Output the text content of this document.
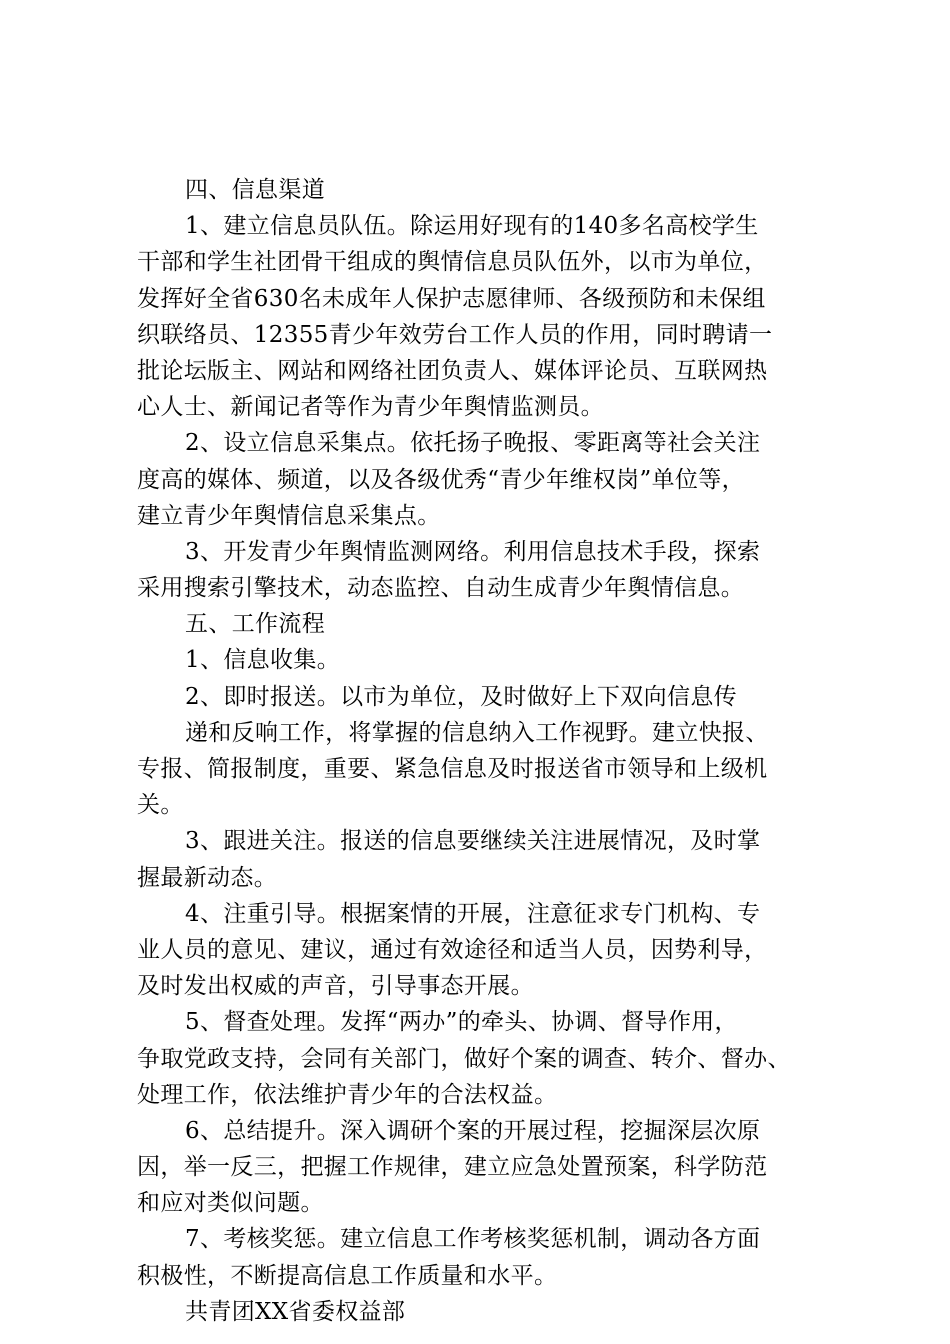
四、信息渠道
1、建立信息员队伍。除运用好现有的140多名高校学生
干部和学生社团骨干组成的舆情信息员队伍外，以市为单位，
发挥好全省630名未成年人保护志愿律师、各级预防和未保组
织联络员、12355青少年效劳台工作人员的作用，同时聘请一
批论坛版主、网站和网络社团负责人、媒体评论员、互联网热
心人士、新闻记者等作为青少年舆情监测员。
2、设立信息采集点。依托扬子晚报、零距离等社会关注
度高的媒体、频道，以及各级优秀“青少年维权岗”单位等，
建立青少年舆情信息采集点。
3、开发青少年舆情监测网络。利用信息技术手段，探索
采用搜索引擎技术，动态监控、自动生成青少年舆情信息。
五、工作流程
1、信息收集。
2、即时报送。以市为单位，及时做好上下双向信息传
递和反响工作，将掌握的信息纳入工作视野。建立快报、
专报、简报制度，重要、紧急信息及时报送省市领导和上级机
关。
3、跟进关注。报送的信息要继续关注进展情况，及时掌
握最新动态。
4、注重引导。根据案情的开展，注意征求专门机构、专
业人员的意见、建议，通过有效途径和适当人员，因势利导，
及时发出权威的声音，引导事态开展。
5、督查处理。发挥“两办”的牵头、协调、督导作用，
争取党政支持，会同有关部门，做好个案的调查、转介、督办、
处理工作，依法维护青少年的合法权益。
6、总结提升。深入调研个案的开展过程，挖掘深层次原
因，举一反三，把握工作规律，建立应急处置预案，科学防范
和应对类似问题。
7、考核奖惩。建立信息工作考核奖惩机制，调动各方面
积极性，不断提高信息工作质量和水平。
共青团XX省委权益部
